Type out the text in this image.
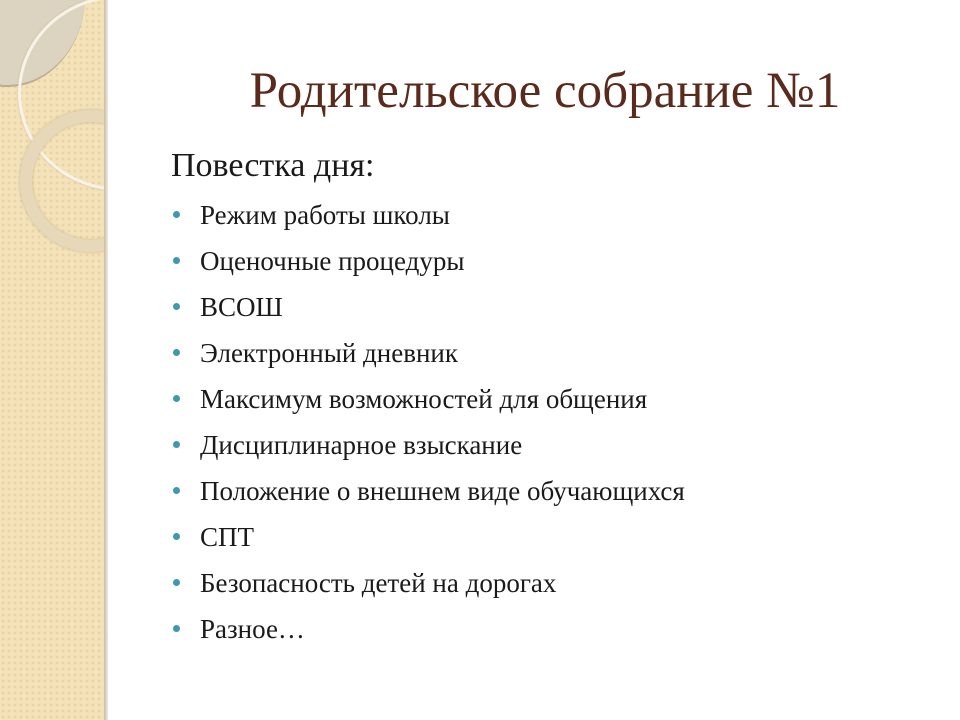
Родительское собрание №1
Повестка дня:
Режим работы школы
Оценочные процедуры
ВСОШ
Электронный дневник
Максимум возможностей для общения
Дисциплинарное взыскание
Положение о внешнем виде обучающихся
СПТ
Безопасность детей на дорогах
Разное…
